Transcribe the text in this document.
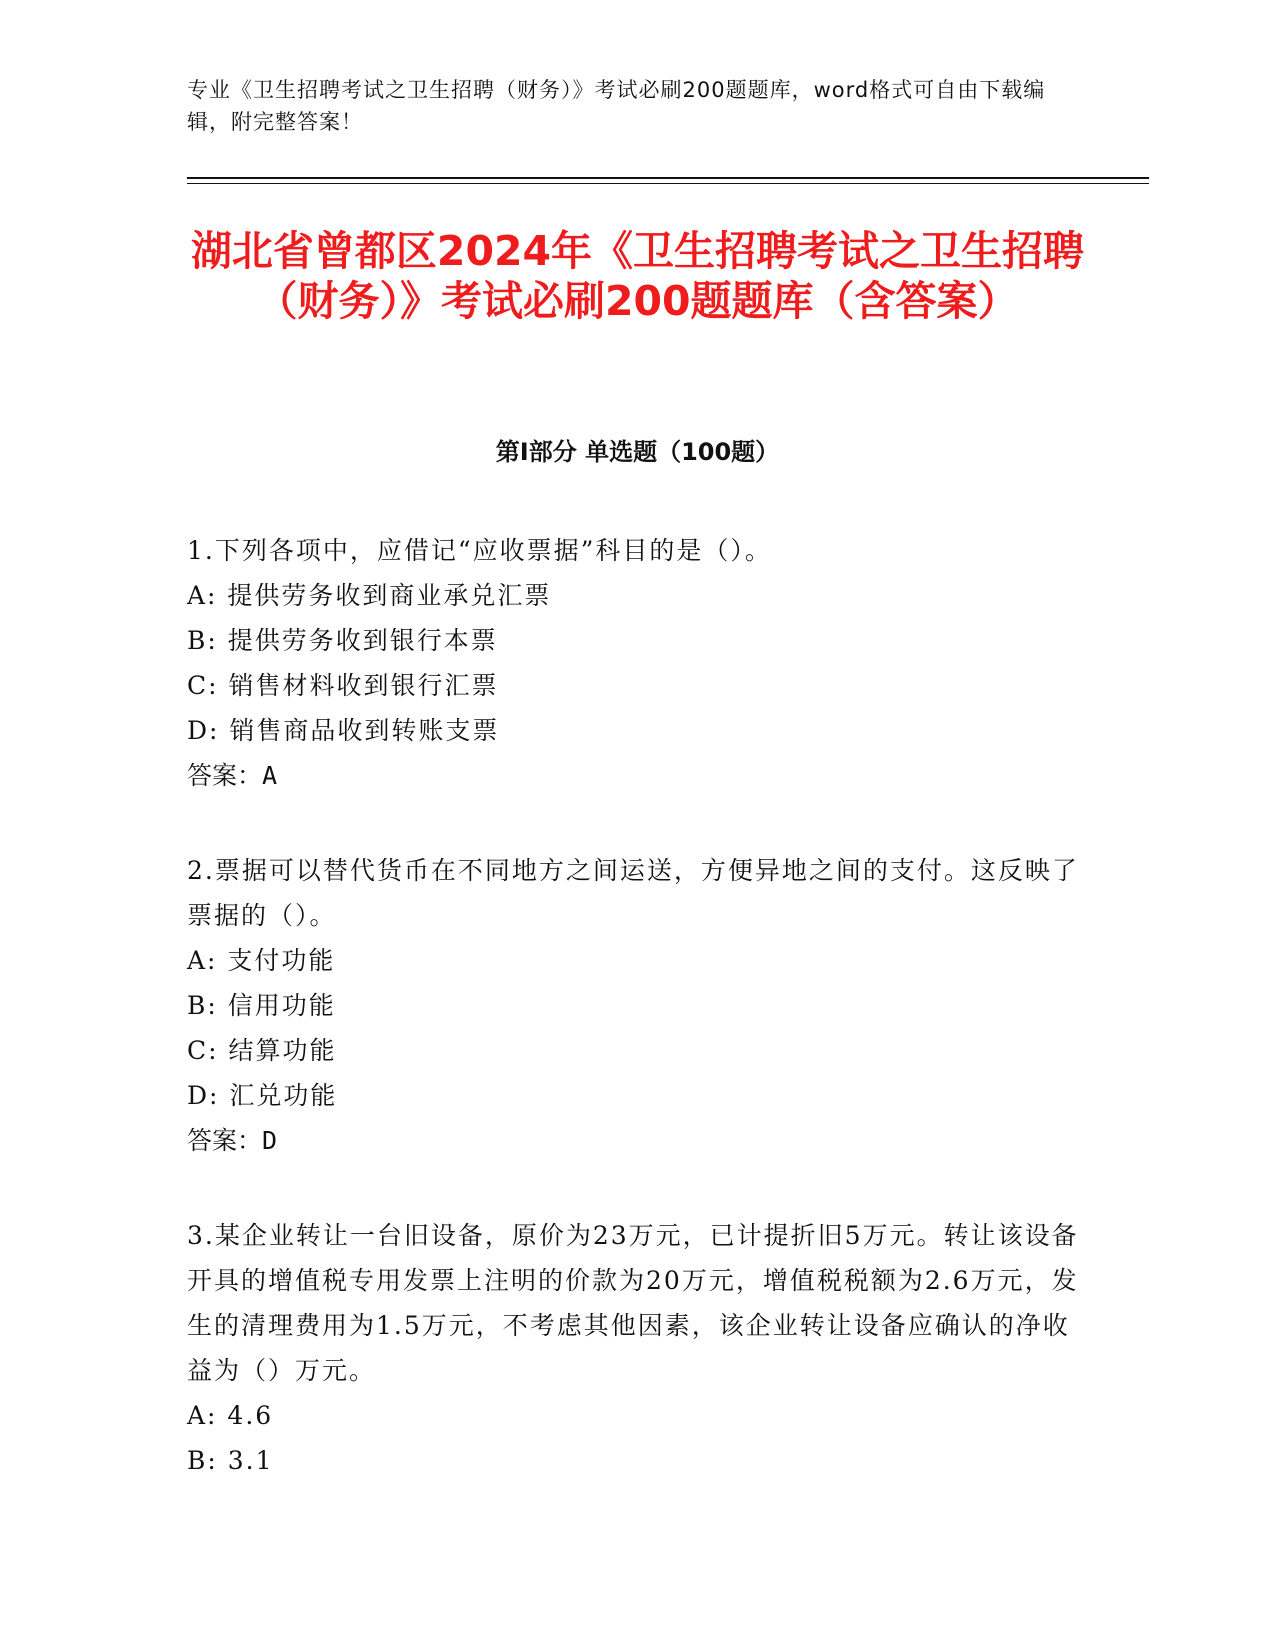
专业《卫生招聘考试之卫生招聘（财务）》考试必刷200题题库，word格式可自由下载编辑，附完整答案！
湖北省曾都区2024年《卫生招聘考试之卫生招聘（财务）》考试必刷200题题库（含答案）
第I部分 单选题（100题）

1.下列各项中，应借记“应收票据”科目的是（）。

A: 提供劳务收到商业承兑汇票

B: 提供劳务收到银行本票

C: 销售材料收到银行汇票

D: 销售商品收到转账支票

答案：A

2.票据可以替代货币在不同地方之间运送，方便异地之间的支付。这反映了票据的（）。

A: 支付功能

B: 信用功能

C: 结算功能

D: 汇兑功能

答案：D

3.某企业转让一台旧设备，原价为23万元，已计提折旧5万元。转让该设备开具的增值税专用发票上注明的价款为20万元，增值税税额为2.6万元，发生的清理费用为1.5万元，不考虑其他因素，该企业转让设备应确认的净收益为（）万元。

A: 4.6

B: 3.1
